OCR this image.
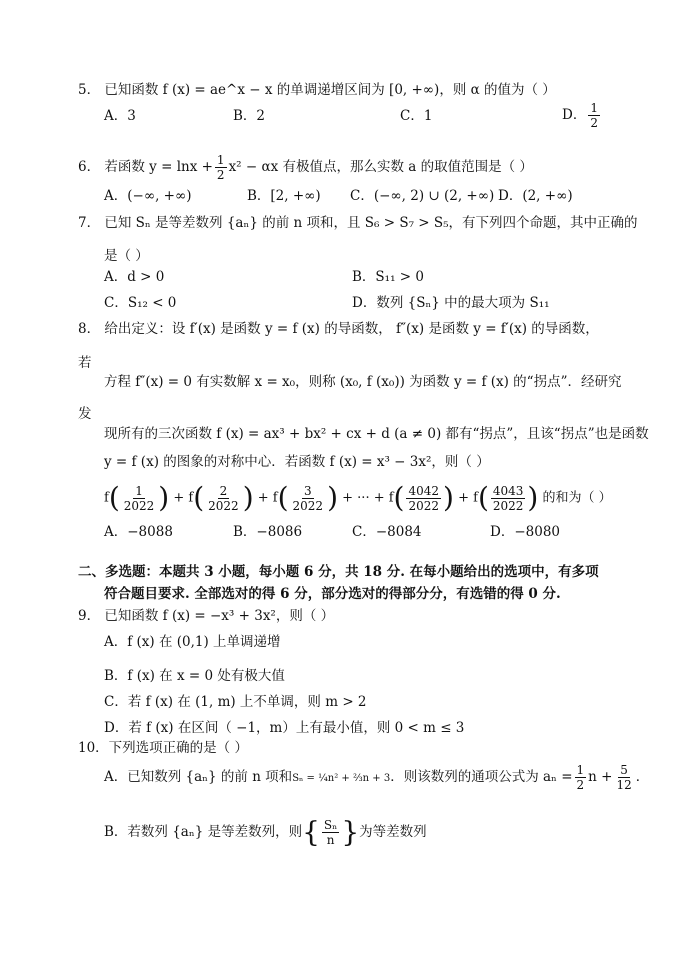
5． 已知函数 f (x) = ae^x − x 的单调递增区间为 [0, +∞)，则 α 的值为（ ）
A．3	B．2	C．1	D． $\frac{1}{2}$
6． 若函数 $y = \ln x + \frac{1}{2} x^2 - \alpha x$ 有极值点，那么实数 a 的取值范围是（ ）
A．(−∞, +∞)	B．[2, +∞) C．(−∞, 2) ∪ (2, +∞) D．(2, +∞)
7． 已知 Sₙ 是等差数列 {aₙ} 的前 n 项和，且 S₆ > S₇ > S₅，有下列四个命题，其中正确的
是（ ）
A．d > 0	B．S₁₁ > 0
C．S₁₂ < 0	D．数列 {Sₙ} 中的最大项为 S₁₁
8． 给出定义：设 f′(x) 是函数 y = f (x) 的导函数， f″(x) 是函数 y = f′(x) 的导函数，
若
方程 f″(x) = 0 有实数解 x = x₀，则称 (x₀, f (x₀)) 为函数 y = f (x) 的“拐点”．经研究
发
现所有的三次函数 f (x) = ax³ + bx² + cx + d (a ≠ 0) 都有“拐点”，且该“拐点”也是函数
y = f (x) 的图象的对称中心．若函数 f (x) = x³ − 3x²，则（ ）
$f( \frac{1}{2022}$ ) + $f( \frac{2}{2022}$ ) + $f( \frac{3}{2022}$ ) + ··· + $f( \frac{4042}{2022}$ ) + $f( \frac{4043}{2022}$ ) 的和为（ ）
A．−8088	B．−8086	C．−8084	D．−8080
二、多选题：本题共 3 小题，每小题 6 分，共 18 分. 在每小题给出的选项中，有多项
符合题目要求. 全部选对的得 6 分，部分选对的得部分分，有选错的得 0 分.
9． 已知函数 f (x) = −x³ + 3x²，则（ ）
A．f (x) 在 (0,1) 上单调递增
B．f (x) 在 x = 0 处有极大值
C．若 f (x) 在 (1, m) 上不单调，则 m > 2
D．若 f (x) 在区间（ −1，m）上有最小值，则 0 < m ≤ 3
10．下列选项正确的是（ ）
A．已知数列 {aₙ} 的前 n 项和Sₙ = ¼n² + ⅔n + 3．则该数列的通项公式为 $a_n = \frac{1}{2}$ $n + \frac{5}{12}$ ．
B．若数列 {aₙ} 是等差数列，则{ $\frac{\text{Sₙ}}{n}$ }为等差数列
